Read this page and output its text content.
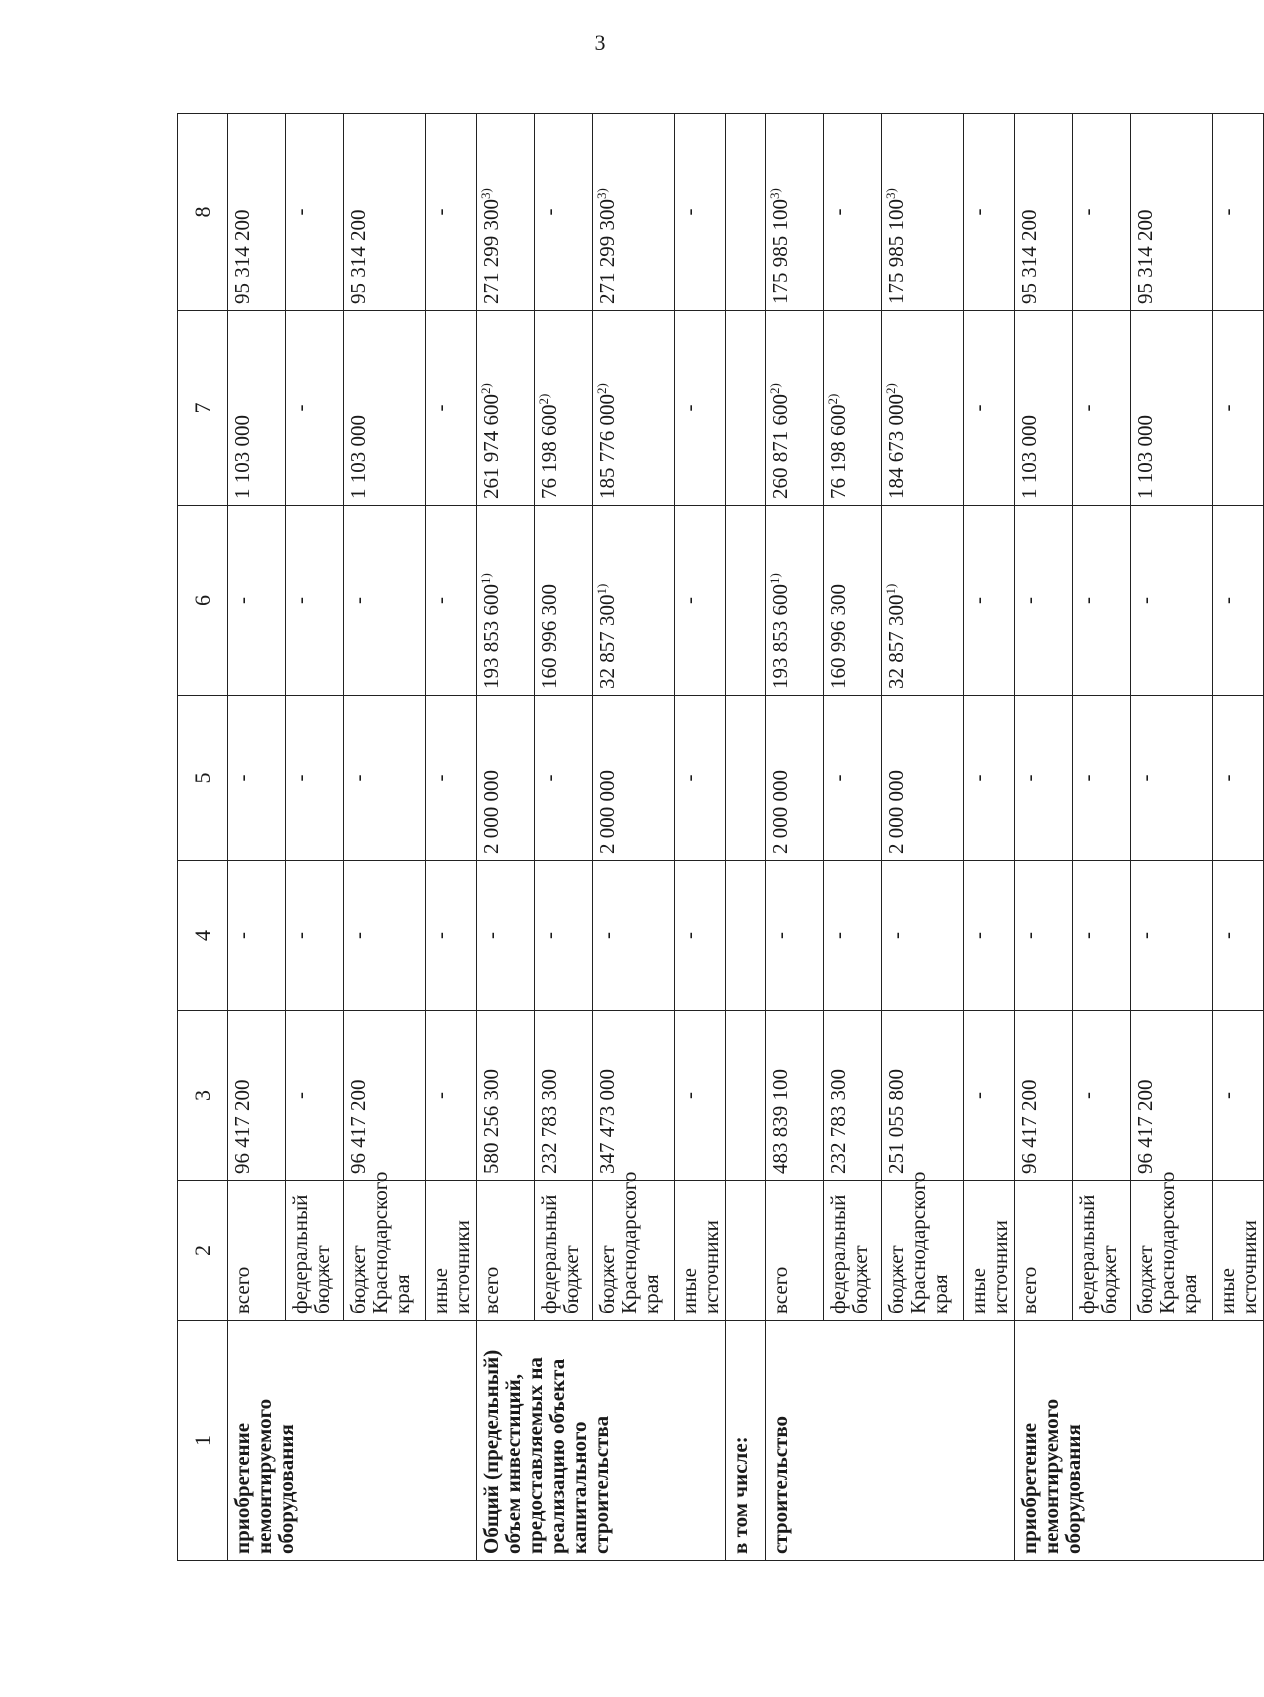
3
1	2	3	4	5	6	7	8
приобретение немонтируемого оборудования	всего	96 417 200	-	-	-	1 103 000	95 314 200
	федеральный бюджет	-	-	-	-	-	-
	бюджет Краснодарского края	96 417 200	-	-	-	1 103 000	95 314 200
	иные источники	-	-	-	-	-	-
Общий (предельный) объем инвестиций, предоставляемых на реализацию объекта капитального строительства	всего	580 256 300	-	2 000 000	193 853 600$^{1)}$	261 974 600$^{2)}$	271 299 300$^{3)}$
	федеральный бюджет	232 783 300	-	-	160 996 300	76 198 600$^{2)}$	-
	бюджет Краснодарского края	347 473 000	-	2 000 000	32 857 300$^{1)}$	185 776 000$^{2)}$	271 299 300$^{3)}$
	иные источники	-	-	-	-	-	-
в том числе:							
строительство	всего	483 839 100	-	2 000 000	193 853 600$^{1)}$	260 871 600$^{2)}$	175 985 100$^{3)}$
	федеральный бюджет	232 783 300	-	-	160 996 300	76 198 600$^{2)}$	-
	бюджет Краснодарского края	251 055 800	-	2 000 000	32 857 300$^{1)}$	184 673 000$^{2)}$	175 985 100$^{3)}$
	иные источники	-	-	-	-	-	-
приобретение немонтируемого оборудования	всего	96 417 200	-	-	-	1 103 000	95 314 200
	федеральный бюджет	-	-	-	-	-	-
	бюджет Краснодарского края	96 417 200	-	-	-	1 103 000	95 314 200
	иные источники	-	-	-	-	-	-
